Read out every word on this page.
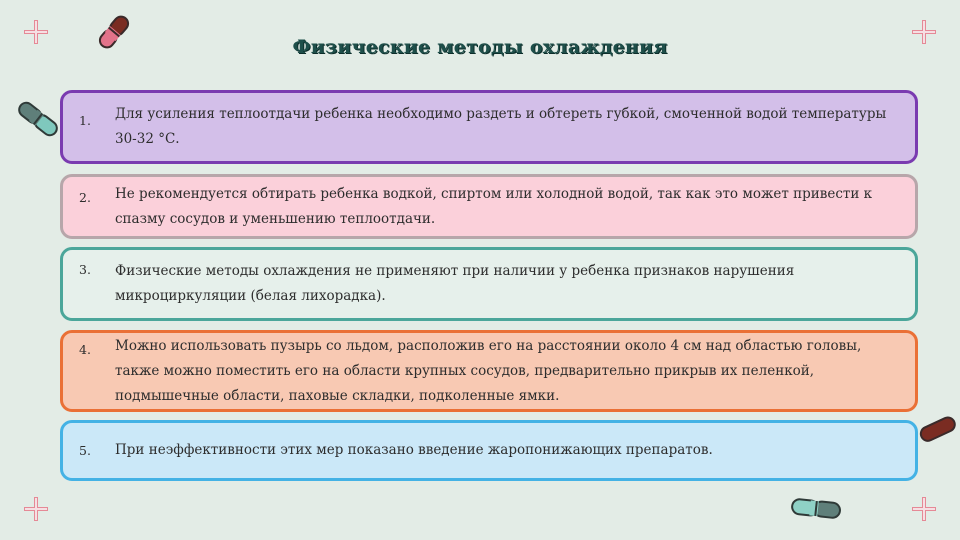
Физические методы охлаждения
1.	Для усиления теплоотдачи ребенка необходимо раздеть и обтереть губкой, смоченной водой температуры 30-32 °С.
2.	Не рекомендуется обтирать ребенка водкой, спиртом или холодной водой, так как это может привести к спазму сосудов и уменьшению теплоотдачи.
3.	Физические методы охлаждения не применяют при наличии у ребенка признаков нарушения микроциркуляции (белая лихорадка).
4.	Можно использовать пузырь со льдом, расположив его на расстоянии около 4 см над областью головы, также можно поместить его на области крупных сосудов, предварительно прикрыв их пеленкой, подмышечные области, паховые складки, подколенные ямки.
5.	При неэффективности этих мер показано введение жаропонижающих препаратов.
